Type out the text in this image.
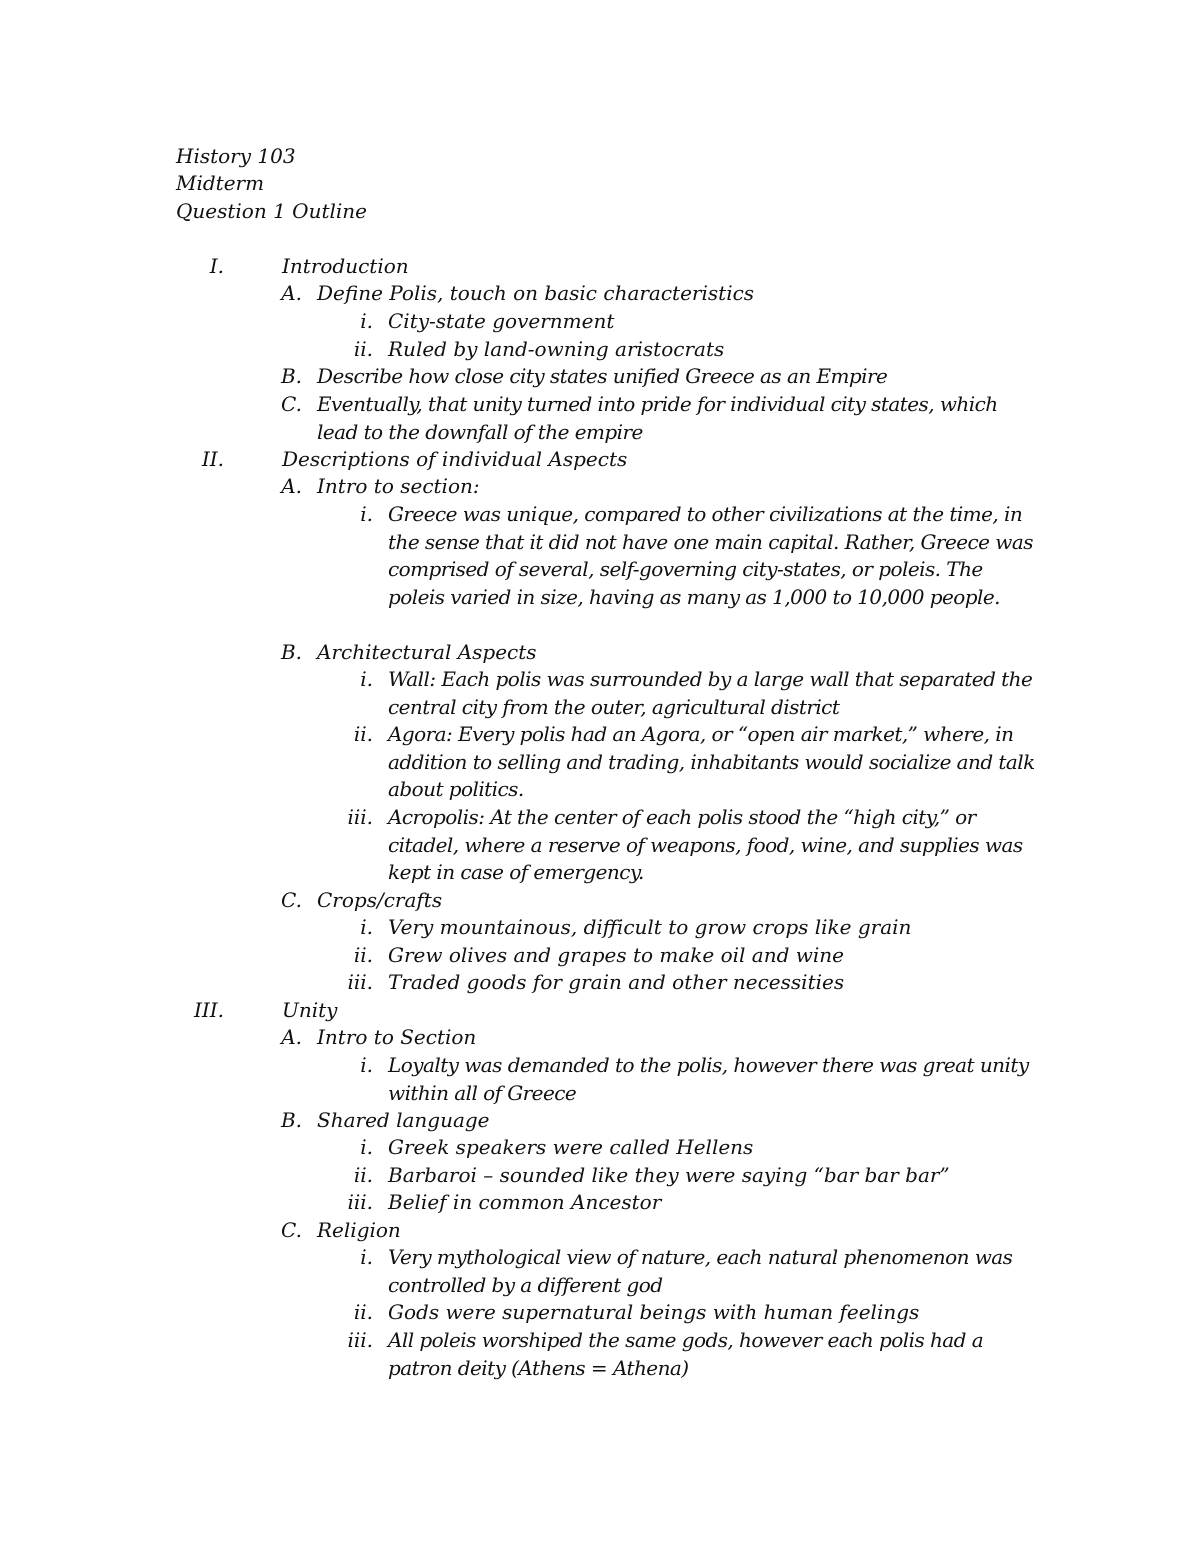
History 103
Midterm
Question 1 Outline
I.	Introduction
A. Define Polis, touch on basic characteristics
i. City-state government
ii. Ruled by land-owning aristocrats
B. Describe how close city states unified Greece as an Empire
C. Eventually, that unity turned into pride for individual city states, which lead to the downfall of the empire
II.	Descriptions of individual Aspects
A. Intro to section:
i. Greece was unique, compared to other civilizations at the time, in the sense that it did not have one main capital. Rather, Greece was comprised of several, self-governing city-states, or poleis. The poleis varied in size, having as many as 1,000 to 10,000 people.
B. Architectural Aspects
i. Wall: Each polis was surrounded by a large wall that separated the central city from the outer, agricultural district
ii. Agora: Every polis had an Agora, or “open air market,” where, in addition to selling and trading, inhabitants would socialize and talk about politics.
iii. Acropolis: At the center of each polis stood the “high city,” or citadel, where a reserve of weapons, food, wine, and supplies was kept in case of emergency.
C. Crops/crafts
i. Very mountainous, difficult to grow crops like grain
ii. Grew olives and grapes to make oil and wine
iii. Traded goods for grain and other necessities
III.	Unity
A. Intro to Section
i. Loyalty was demanded to the polis, however there was great unity within all of Greece
B. Shared language
i. Greek speakers were called Hellens
ii. Barbaroi – sounded like they were saying “bar bar bar”
iii. Belief in common Ancestor
C. Religion
i. Very mythological view of nature, each natural phenomenon was controlled by a different god
ii. Gods were supernatural beings with human feelings
iii. All poleis worshiped the same gods, however each polis had a patron deity (Athens = Athena)
